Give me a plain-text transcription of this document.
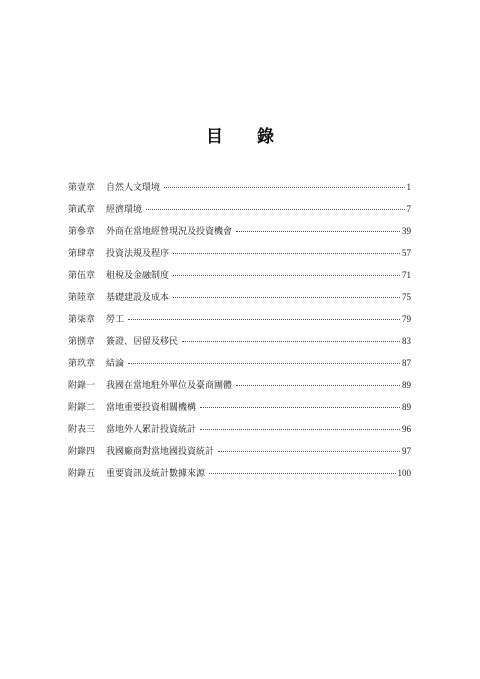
目 錄
第壹章	自然人文環境	1
第貳章	經濟環境	7
第參章	外商在當地經營現況及投資機會	39
第肆章	投資法規及程序	57
第伍章	租稅及金融制度	71
第陸章	基礎建設及成本	75
第柒章	勞工	79
第捌章	簽證、居留及移民	83
第玖章	結論	87
附錄一	我國在當地駐外單位及臺商團體	89
附錄二	當地重要投資相關機構	89
附表三	當地外人累計投資統計	96
附錄四	我國廠商對當地國投資統計	97
附錄五	重要資訊及統計數據來源	100
